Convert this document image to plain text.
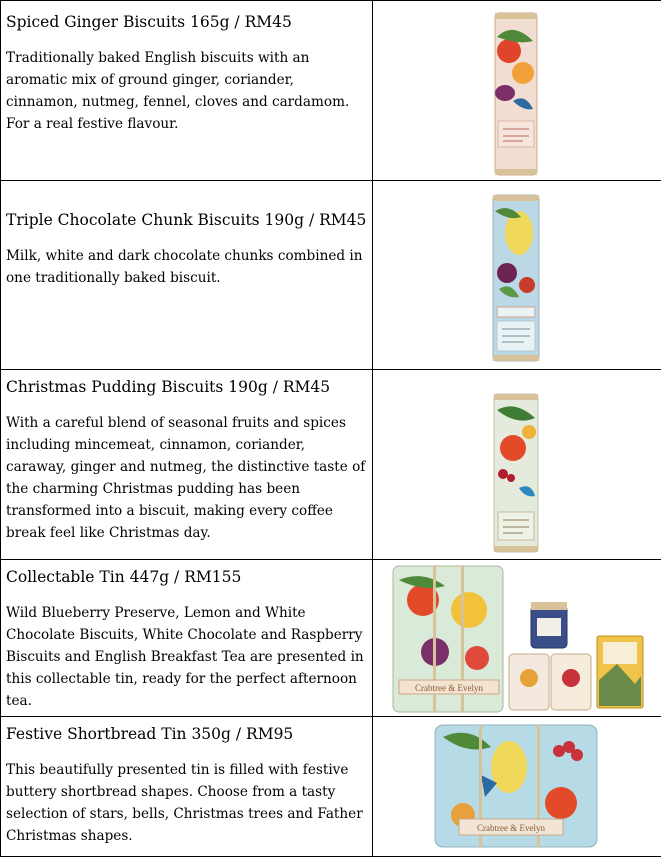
Spiced Ginger Biscuits 165g / RM45

Traditionally baked English biscuits with an aromatic mix of ground ginger, coriander, cinnamon, nutmeg, fennel, cloves and cardamom. For a real festive flavour.

Triple Chocolate Chunk Biscuits 190g / RM45

Milk, white and dark chocolate chunks combined in one traditionally baked biscuit.

Christmas Pudding Biscuits 190g / RM45

With a careful blend of seasonal fruits and spices including mincemeat, cinnamon, coriander, caraway, ginger and nutmeg, the distinctive taste of the charming Christmas pudding has been transformed into a biscuit, making every coffee break feel like Christmas day.

Collectable Tin 447g / RM155

Wild Blueberry Preserve, Lemon and White Chocolate Biscuits, White Chocolate and Raspberry Biscuits and English Breakfast Tea are presented in this collectable tin, ready for the perfect afternoon tea.	Crabtree & Evelyn

Festive Shortbread Tin 350g / RM95

This beautifully presented tin is filled with festive buttery shortbread shapes. Choose from a tasty selection of stars, bells, Christmas trees and Father Christmas shapes.	Crabtree & Evelyn
